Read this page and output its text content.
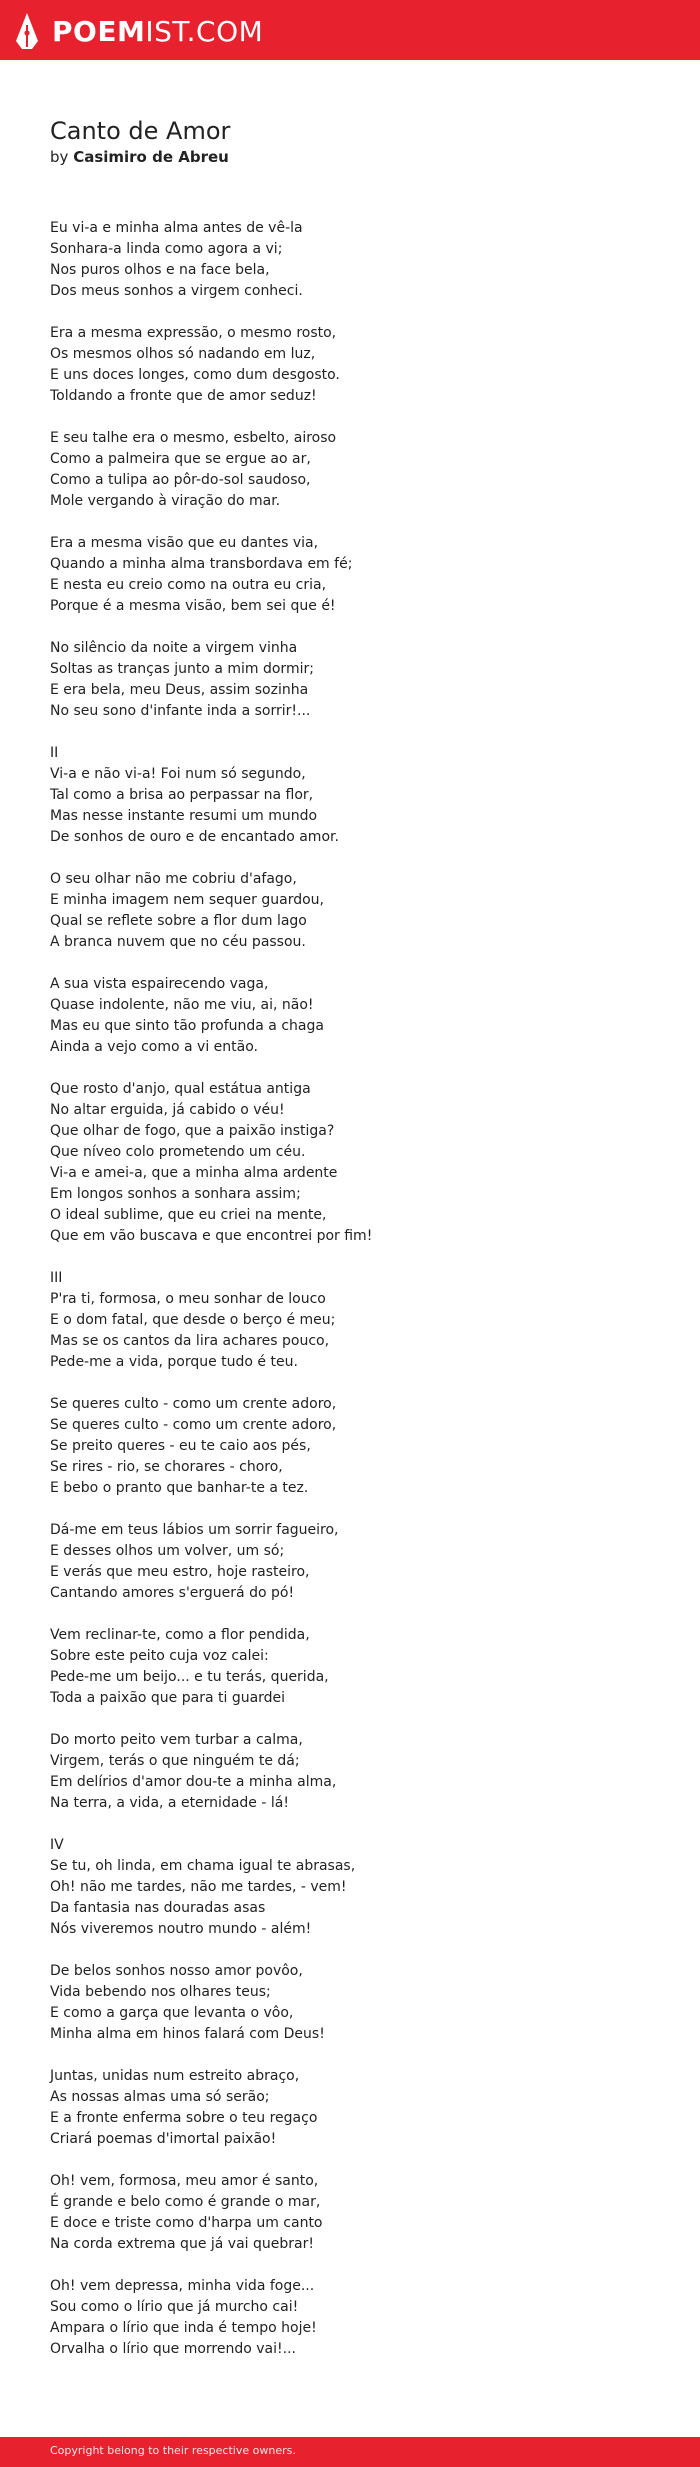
POEMIST.COM
Canto de Amor

by Casimiro de Abreu

Eu vi-a e minha alma antes de vê-la
Sonhara-a linda como agora a vi;
Nos puros olhos e na face bela,
Dos meus sonhos a virgem conheci.
Era a mesma expressão, o mesmo rosto,
Os mesmos olhos só nadando em luz,
E uns doces longes, como dum desgosto.
Toldando a fronte que de amor seduz!
E seu talhe era o mesmo, esbelto, airoso
Como a palmeira que se ergue ao ar,
Como a tulipa ao pôr-do-sol saudoso,
Mole vergando à viração do mar.
Era a mesma visão que eu dantes via,
Quando a minha alma transbordava em fé;
E nesta eu creio como na outra eu cria,
Porque é a mesma visão, bem sei que é!
No silêncio da noite a virgem vinha
Soltas as tranças junto a mim dormir;
E era bela, meu Deus, assim sozinha
No seu sono d'infante inda a sorrir!...
II
Vi-a e não vi-a! Foi num só segundo,
Tal como a brisa ao perpassar na flor,
Mas nesse instante resumi um mundo
De sonhos de ouro e de encantado amor.
O seu olhar não me cobriu d'afago,
E minha imagem nem sequer guardou,
Qual se reflete sobre a flor dum lago
A branca nuvem que no céu passou.
A sua vista espairecendo vaga,
Quase indolente, não me viu, ai, não!
Mas eu que sinto tão profunda a chaga
Ainda a vejo como a vi então.
Que rosto d'anjo, qual estátua antiga
No altar erguida, já cabido o véu!
Que olhar de fogo, que a paixão instiga?
Que níveo colo prometendo um céu.
Vi-a e amei-a, que a minha alma ardente
Em longos sonhos a sonhara assim;
O ideal sublime, que eu criei na mente,
Que em vão buscava e que encontrei por fim!
III
P'ra ti, formosa, o meu sonhar de louco
E o dom fatal, que desde o berço é meu;
Mas se os cantos da lira achares pouco,
Pede-me a vida, porque tudo é teu.
Se queres culto - como um crente adoro,
Se queres culto - como um crente adoro,
Se preito queres - eu te caio aos pés,
Se rires - rio, se chorares - choro,
E bebo o pranto que banhar-te a tez.
Dá-me em teus lábios um sorrir fagueiro,
E desses olhos um volver, um só;
E verás que meu estro, hoje rasteiro,
Cantando amores s'erguerá do pó!
Vem reclinar-te, como a flor pendida,
Sobre este peito cuja voz calei:
Pede-me um beijo... e tu terás, querida,
Toda a paixão que para ti guardei
Do morto peito vem turbar a calma,
Virgem, terás o que ninguém te dá;
Em delírios d'amor dou-te a minha alma,
Na terra, a vida, a eternidade - lá!
IV
Se tu, oh linda, em chama igual te abrasas,
Oh! não me tardes, não me tardes, - vem!
Da fantasia nas douradas asas
Nós viveremos noutro mundo - além!
De belos sonhos nosso amor povôo,
Vida bebendo nos olhares teus;
E como a garça que levanta o vôo,
Minha alma em hinos falará com Deus!
Juntas, unidas num estreito abraço,
As nossas almas uma só serão;
E a fronte enferma sobre o teu regaço
Criará poemas d'imortal paixão!
Oh! vem, formosa, meu amor é santo,
É grande e belo como é grande o mar,
E doce e triste como d'harpa um canto
Na corda extrema que já vai quebrar!
Oh! vem depressa, minha vida foge...
Sou como o lírio que já murcho cai!
Ampara o lírio que inda é tempo hoje!
Orvalha o lírio que morrendo vai!...
Copyright belong to their respective owners.
